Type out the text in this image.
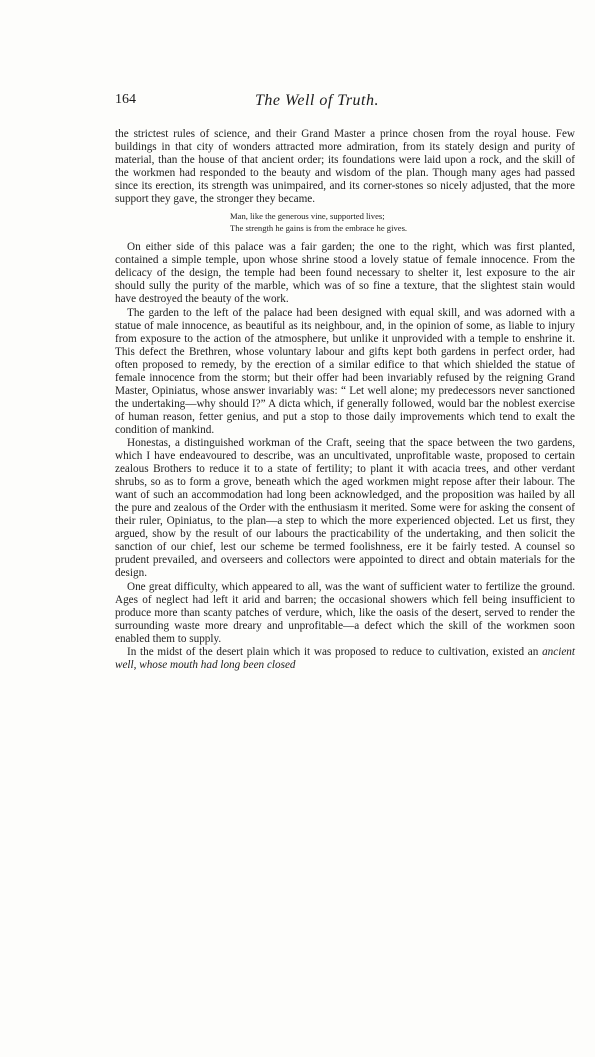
164	The Well of Truth.

the strictest rules of science, and their Grand Master a prince chosen from the royal house. Few buildings in that city of wonders attracted more admiration, from its stately design and purity of material, than the house of that ancient order; its foundations were laid upon a rock, and the skill of the workmen had responded to the beauty and wisdom of the plan. Though many ages had passed since its erection, its strength was unimpaired, and its corner-stones so nicely adjusted, that the more support they gave, the stronger they became.

Man, like the generous vine, supported lives;
The strength he gains is from the embrace he gives.

On either side of this palace was a fair garden; the one to the right, which was first planted, contained a simple temple, upon whose shrine stood a lovely statue of female innocence. From the delicacy of the design, the temple had been found necessary to shelter it, lest exposure to the air should sully the purity of the marble, which was of so fine a texture, that the slightest stain would have destroyed the beauty of the work.

The garden to the left of the palace had been designed with equal skill, and was adorned with a statue of male innocence, as beautiful as its neighbour, and, in the opinion of some, as liable to injury from exposure to the action of the atmosphere, but unlike it unprovided with a temple to enshrine it. This defect the Brethren, whose voluntary labour and gifts kept both gardens in perfect order, had often proposed to remedy, by the erection of a similar edifice to that which shielded the statue of female innocence from the storm; but their offer had been invariably refused by the reigning Grand Master, Opiniatus, whose answer invariably was: “ Let well alone; my predecessors never sanctioned the undertaking—why should I?” A dicta which, if generally followed, would bar the noblest exercise of human reason, fetter genius, and put a stop to those daily improvements which tend to exalt the condition of mankind.

Honestas, a distinguished workman of the Craft, seeing that the space between the two gardens, which I have endeavoured to describe, was an uncultivated, unprofitable waste, proposed to certain zealous Brothers to reduce it to a state of fertility; to plant it with acacia trees, and other verdant shrubs, so as to form a grove, beneath which the aged workmen might repose after their labour. The want of such an accommodation had long been acknowledged, and the proposition was hailed by all the pure and zealous of the Order with the enthusiasm it merited. Some were for asking the consent of their ruler, Opiniatus, to the plan—a step to which the more experienced objected. Let us first, they argued, show by the result of our labours the practicability of the undertaking, and then solicit the sanction of our chief, lest our scheme be termed foolishness, ere it be fairly tested. A counsel so prudent prevailed, and overseers and collectors were appointed to direct and obtain materials for the design.

One great difficulty, which appeared to all, was the want of sufficient water to fertilize the ground. Ages of neglect had left it arid and barren; the occasional showers which fell being insufficient to produce more than scanty patches of verdure, which, like the oasis of the desert, served to render the surrounding waste more dreary and unprofitable—a defect which the skill of the workmen soon enabled them to supply.

In the midst of the desert plain which it was proposed to reduce to cultivation, existed an ancient well, whose mouth had long been closed
